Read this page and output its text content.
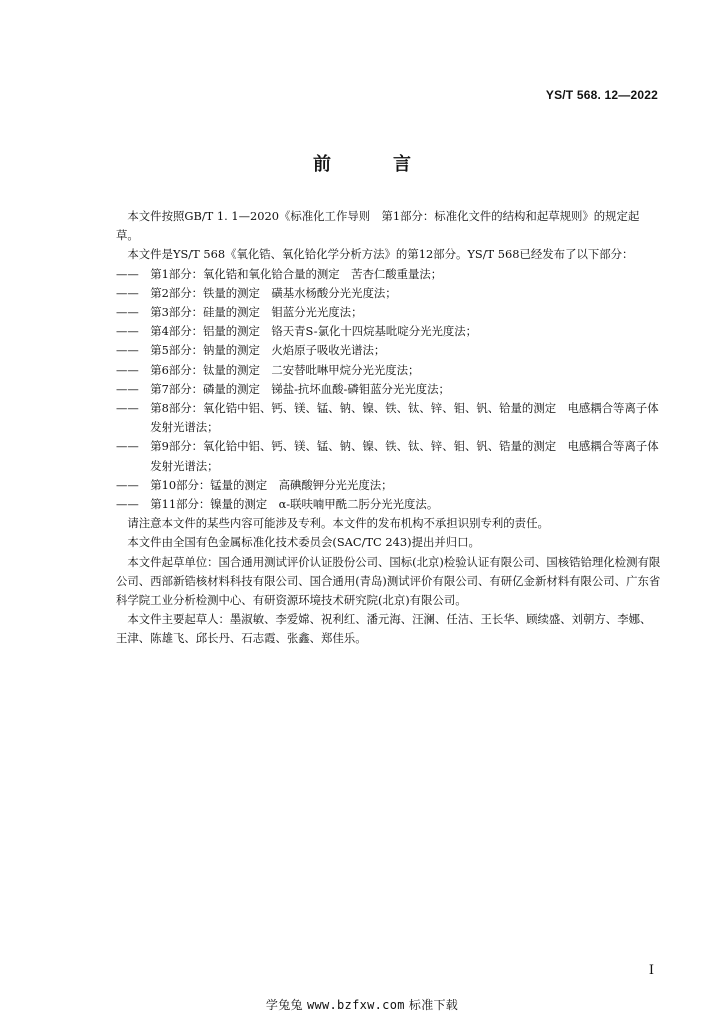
YS/T 568. 12—2022
前　言

本文件按照GB/T 1. 1—2020《标准化工作导则　第1部分：标准化文件的结构和起草规则》的规定起草。

本文件是YS/T 568《氧化锆、氧化铪化学分析方法》的第12部分。YS/T 568已经发布了以下部分：

—— 第1部分：氧化锆和氧化铪合量的测定　苦杏仁酸重量法；
—— 第2部分：铁量的测定　磺基水杨酸分光光度法；
—— 第3部分：硅量的测定　钼蓝分光光度法；
—— 第4部分：铝量的测定　铬天青S-氯化十四烷基吡啶分光光度法；
—— 第5部分：钠量的测定　火焰原子吸收光谱法；
—— 第6部分：钛量的测定　二安替吡啉甲烷分光光度法；
—— 第7部分：磷量的测定　锑盐-抗坏血酸-磷钼蓝分光光度法；
—— 第8部分：氧化锆中铝、钙、镁、锰、钠、镍、铁、钛、锌、钼、钒、铪量的测定　电感耦合等离子体发射光谱法；
—— 第9部分：氧化铪中铝、钙、镁、锰、钠、镍、铁、钛、锌、钼、钒、锆量的测定　电感耦合等离子体发射光谱法；
—— 第10部分：锰量的测定　高碘酸钾分光光度法；
—— 第11部分：镍量的测定　α-联呋喃甲酰二肟分光光度法。

请注意本文件的某些内容可能涉及专利。本文件的发布机构不承担识别专利的责任。

本文件由全国有色金属标准化技术委员会(SAC/TC 243)提出并归口。

本文件起草单位：国合通用测试评价认证股份公司、国标(北京)检验认证有限公司、国核锆铪理化检测有限公司、西部新锆核材料科技有限公司、国合通用(青岛)测试评价有限公司、有研亿金新材料有限公司、广东省科学院工业分析检测中心、有研资源环境技术研究院(北京)有限公司。

本文件主要起草人：墨淑敏、李爱嫦、祝利红、潘元海、汪澜、任洁、王长华、顾续盛、刘朝方、李娜、王津、陈雄飞、邱长丹、石志霞、张鑫、郑佳乐。

I
学兔兔 www.bzfxw.com 标准下载
